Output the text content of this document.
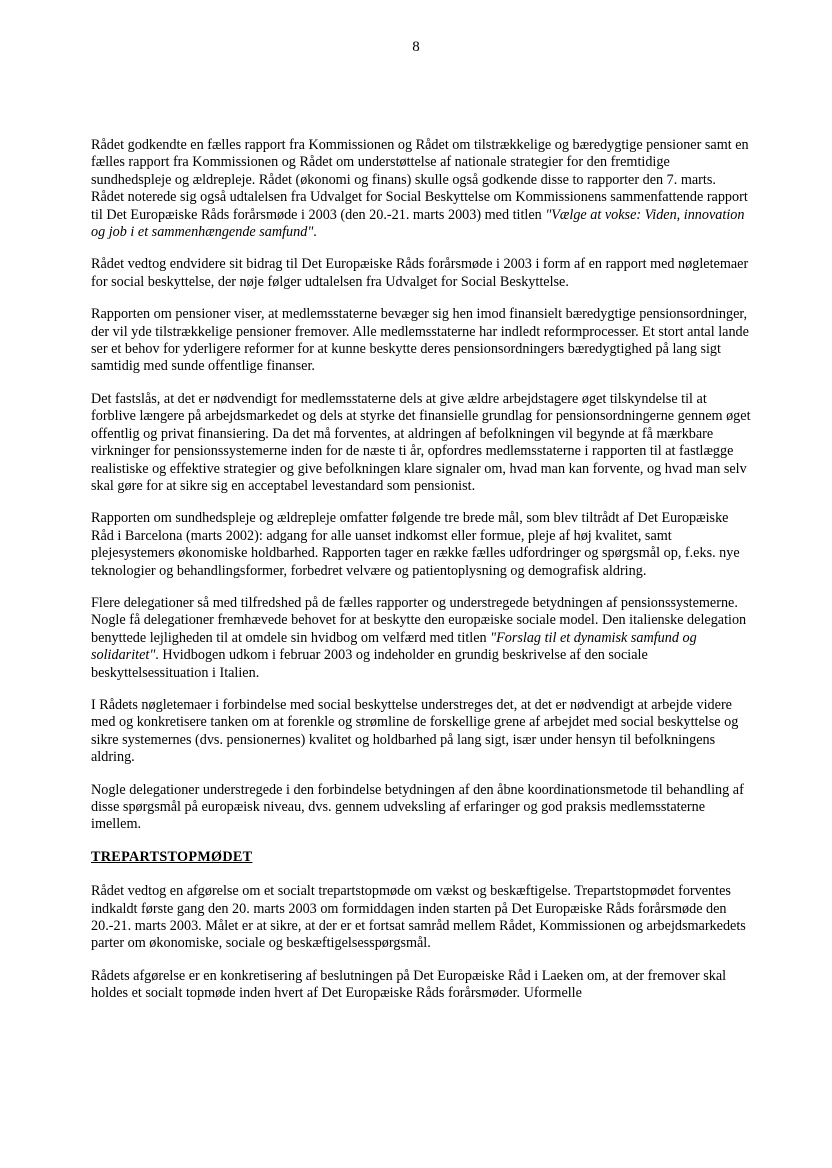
8

Rådet godkendte en fælles rapport fra Kommissionen og Rådet om tilstrækkelige og bæredygtige pensioner samt en fælles rapport fra Kommissionen og Rådet om understøttelse af nationale strategier for den fremtidige sundhedspleje og ældrepleje. Rådet (økonomi og finans) skulle også godkende disse to rapporter den 7. marts. Rådet noterede sig også udtalelsen fra Udvalget for Social Beskyttelse om Kommissionens sammenfattende rapport til Det Europæiske Råds forårsmøde i 2003 (den 20.-21. marts 2003) med titlen "Vælge at vokse: Viden, innovation og job i et sammenhængende samfund".

Rådet vedtog endvidere sit bidrag til Det Europæiske Råds forårsmøde i 2003 i form af en rapport med nøgletemaer for social beskyttelse, der nøje følger udtalelsen fra Udvalget for Social Beskyttelse.

Rapporten om pensioner viser, at medlemsstaterne bevæger sig hen imod finansielt bæredygtige pensionsordninger, der vil yde tilstrækkelige pensioner fremover. Alle medlemsstaterne har indledt reformprocesser. Et stort antal lande ser et behov for yderligere reformer for at kunne beskytte deres pensionsordningers bæredygtighed på lang sigt samtidig med sunde offentlige finanser.

Det fastslås, at det er nødvendigt for medlemsstaterne dels at give ældre arbejdstagere øget tilskyndelse til at forblive længere på arbejdsmarkedet og dels at styrke det finansielle grundlag for pensionsordningerne gennem øget offentlig og privat finansiering. Da det må forventes, at aldringen af befolkningen vil begynde at få mærkbare virkninger for pensionssystemerne inden for de næste ti år, opfordres medlemsstaterne i rapporten til at fastlægge realistiske og effektive strategier og give befolkningen klare signaler om, hvad man kan forvente, og hvad man selv skal gøre for at sikre sig en acceptabel levestandard som pensionist.

Rapporten om sundhedspleje og ældrepleje omfatter følgende tre brede mål, som blev tiltrådt af Det Europæiske Råd i Barcelona (marts 2002): adgang for alle uanset indkomst eller formue, pleje af høj kvalitet, samt plejesystemers økonomiske holdbarhed. Rapporten tager en række fælles udfordringer og spørgsmål op, f.eks. nye teknologier og behandlingsformer, forbedret velvære og patientoplysning og demografisk aldring.

Flere delegationer så med tilfredshed på de fælles rapporter og understregede betydningen af pensionssystemerne. Nogle få delegationer fremhævede behovet for at beskytte den europæiske sociale model. Den italienske delegation benyttede lejligheden til at omdele sin hvidbog om velfærd med titlen "Forslag til et dynamisk samfund og solidaritet". Hvidbogen udkom i februar 2003 og indeholder en grundig beskrivelse af den sociale beskyttelsessituation i Italien.

I Rådets nøgletemaer i forbindelse med social beskyttelse understreges det, at det er nødvendigt at arbejde videre med og konkretisere tanken om at forenkle og strømline de forskellige grene af arbejdet med social beskyttelse og sikre systemernes (dvs. pensionernes) kvalitet og holdbarhed på lang sigt, især under hensyn til befolkningens aldring.

Nogle delegationer understregede i den forbindelse betydningen af den åbne koordinationsmetode til behandling af disse spørgsmål på europæisk niveau, dvs. gennem udveksling af erfaringer og god praksis medlemsstaterne imellem.

TREPARTSTOPMØDET

Rådet vedtog en afgørelse om et socialt trepartstopmøde om vækst og beskæftigelse. Trepartstopmødet forventes indkaldt første gang den 20. marts 2003 om formiddagen inden starten på Det Europæiske Råds forårsmøde den 20.-21. marts 2003. Målet er at sikre, at der er et fortsat samråd mellem Rådet, Kommissionen og arbejdsmarkedets parter om økonomiske, sociale og beskæftigelsesspørgsmål.

Rådets afgørelse er en konkretisering af beslutningen på Det Europæiske Råd i Laeken om, at der fremover skal holdes et socialt topmøde inden hvert af Det Europæiske Råds forårsmøder. Uformelle
